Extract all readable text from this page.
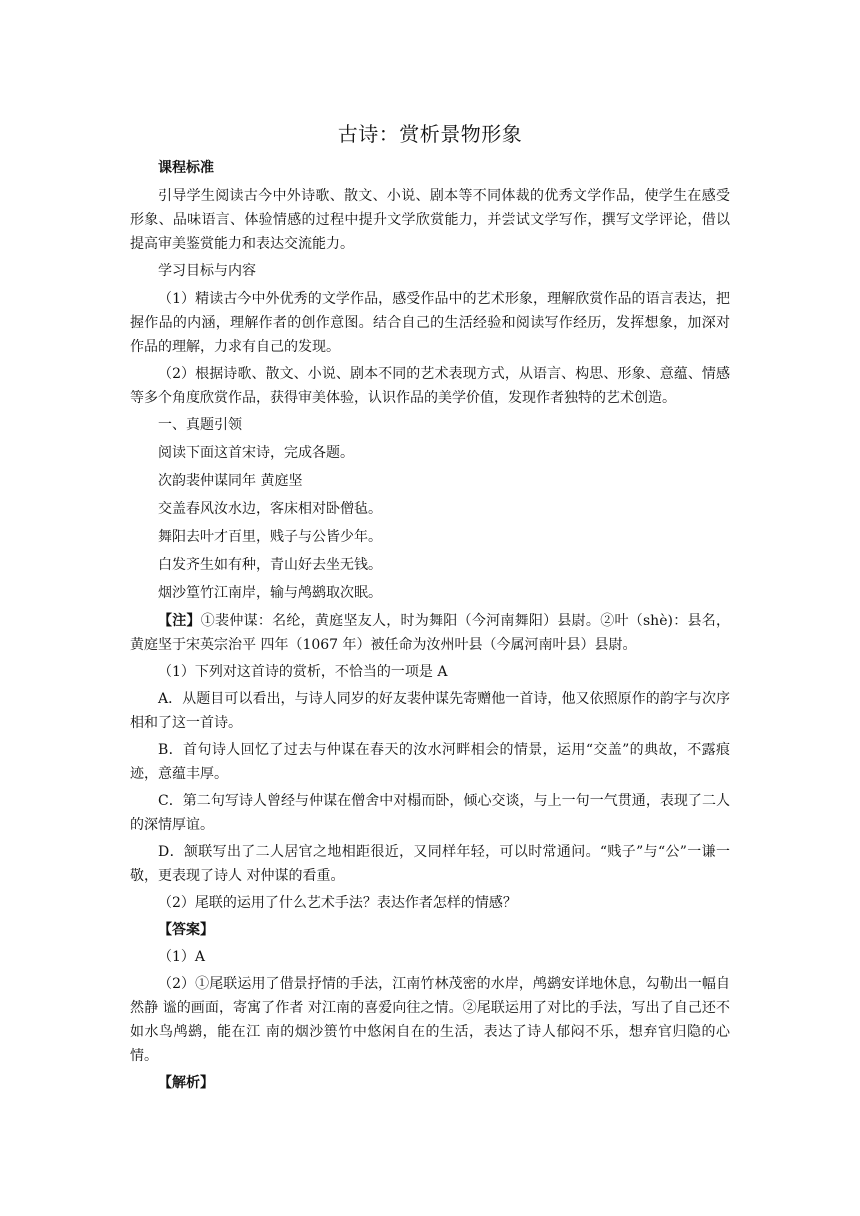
古诗：赏析景物形象

课程标准

引导学生阅读古今中外诗歌、散文、小说、剧本等不同体裁的优秀文学作品，使学生在感受形象、品味语言、体验情感的过程中提升文学欣赏能力，并尝试文学写作，撰写文学评论，借以提高审美鉴赏能力和表达交流能力。

学习目标与内容

（1）精读古今中外优秀的文学作品，感受作品中的艺术形象，理解欣赏作品的语言表达，把握作品的内涵，理解作者的创作意图。结合自己的生活经验和阅读写作经历，发挥想象，加深对作品的理解，力求有自己的发现。

（2）根据诗歌、散文、小说、剧本不同的艺术表现方式，从语言、构思、形象、意蕴、情感等多个角度欣赏作品，获得审美体验，认识作品的美学价值，发现作者独特的艺术创造。

一、真题引领

阅读下面这首宋诗，完成各题。

次韵裴仲谋同年 黄庭坚

交盖春风汝水边，客床相对卧僧毡。

舞阳去叶才百里，贱子与公皆少年。

白发齐生如有种，青山好去坐无钱。

烟沙篁竹江南岸，输与鸬鹚取次眠。

【注】①裴仲谋：名纶，黄庭坚友人，时为舞阳（今河南舞阳）县尉。②叶（shè)：县名，黄庭坚于宋英宗治平 四年（1067 年）被任命为汝州叶县（今属河南叶县）县尉。

（1）下列对这首诗的赏析，不恰当的一项是 A

A．从题目可以看出，与诗人同岁的好友裴仲谋先寄赠他一首诗，他又依照原作的韵字与次序相和了这一首诗。

B．首句诗人回忆了过去与仲谋在春天的汝水河畔相会的情景，运用“交盖”的典故，不露痕迹，意蕴丰厚。

C．第二句写诗人曾经与仲谋在僧舍中对榻而卧，倾心交谈，与上一句一气贯通，表现了二人的深情厚谊。

D．颔联写出了二人居官之地相距很近，又同样年轻，可以时常通问。“贱子”与“公”一谦一敬，更表现了诗人 对仲谋的看重。

（2）尾联的运用了什么艺术手法？表达作者怎样的情感？

【答案】

（1）A

（2）①尾联运用了借景抒情的手法，江南竹林茂密的水岸，鸬鹚安详地休息，勾勒出一幅自然静 谧的画面，寄寓了作者 对江南的喜爱向往之情。②尾联运用了对比的手法，写出了自己还不如水鸟鸬鹚，能在江 南的烟沙篑竹中悠闲自在的生活，表达了诗人郁闷不乐，想弃官归隐的心情。

【解析】
